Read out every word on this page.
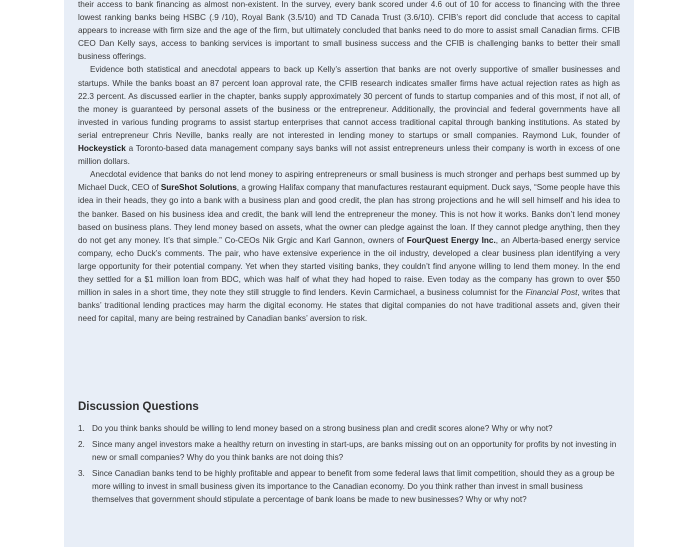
their access to bank financing as almost non-existent. In the survey, every bank scored under 4.6 out of 10 for access to financing with the three lowest ranking banks being HSBC (.9 /10), Royal Bank (3.5/10) and TD Canada Trust (3.6/10). CFIB’s report did conclude that access to capital appears to increase with firm size and the age of the firm, but ultimately concluded that banks need to do more to assist small Canadian firms. CFIB CEO Dan Kelly says, access to banking services is important to small business success and the CFIB is challenging banks to better their small business offerings.

Evidence both statistical and anecdotal appears to back up Kelly’s assertion that banks are not overly supportive of smaller businesses and startups. While the banks boast an 87 percent loan approval rate, the CFIB research indicates smaller firms have actual rejection rates as high as 22.3 percent. As discussed earlier in the chapter, banks supply approximately 30 percent of funds to startup companies and of this most, if not all, of the money is guaranteed by personal assets of the business or the entrepreneur. Additionally, the provincial and federal governments have all invested in various funding programs to assist startup enterprises that cannot access traditional capital through banking institutions. As stated by serial entrepreneur Chris Neville, banks really are not interested in lending money to startups or small companies. Raymond Luk, founder of Hockeystick a Toronto-based data management company says banks will not assist entrepreneurs unless their company is worth in excess of one million dollars.

Anecdotal evidence that banks do not lend money to aspiring entrepreneurs or small business is much stronger and perhaps best summed up by Michael Duck, CEO of SureShot Solutions, a growing Halifax company that manufactures restaurant equipment. Duck says, “Some people have this idea in their heads, they go into a bank with a business plan and good credit, the plan has strong projections and he will sell himself and his idea to the banker. Based on his business idea and credit, the bank will lend the entrepreneur the money. This is not how it works. Banks don’t lend money based on business plans. They lend money based on assets, what the owner can pledge against the loan. If they cannot pledge anything, then they do not get any money. It’s that simple.” Co-CEOs Nik Grgic and Karl Gannon, owners of FourQuest Energy Inc., an Alberta-based energy service company, echo Duck’s comments. The pair, who have extensive experience in the oil industry, developed a clear business plan identifying a very large opportunity for their potential company. Yet when they started visiting banks, they couldn’t find anyone willing to lend them money. In the end they settled for a $1 million loan from BDC, which was half of what they had hoped to raise. Even today as the company has grown to over $50 million in sales in a short time, they note they still struggle to find lenders. Kevin Carmichael, a business columnist for the Financial Post, writes that banks’ traditional lending practices may harm the digital economy. He states that digital companies do not have traditional assets and, given their need for capital, many are being restrained by Canadian banks’ aversion to risk.

Discussion Questions
1. Do you think banks should be willing to lend money based on a strong business plan and credit scores alone? Why or why not?
2. Since many angel investors make a healthy return on investing in start-ups, are banks missing out on an opportunity for profits by not investing in new or small companies? Why do you think banks are not doing this?
3. Since Canadian banks tend to be highly profitable and appear to benefit from some federal laws that limit competition, should they as a group be more willing to invest in small business given its importance to the Canadian economy. Do you think rather than invest in small business themselves that government should stipulate a percentage of bank loans be made to new businesses? Why or why not?
